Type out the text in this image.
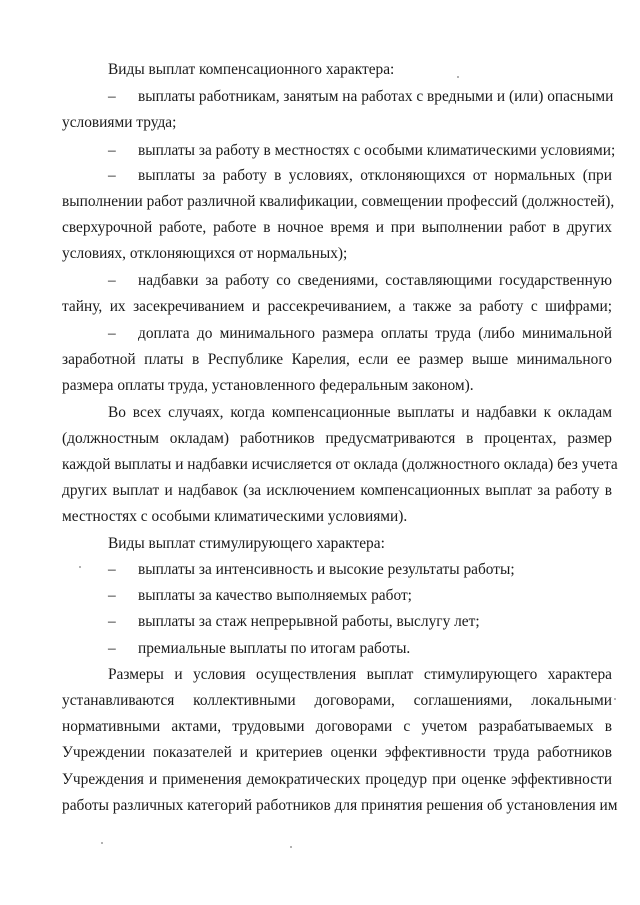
Виды выплат компенсационного характера:
– выплаты работникам, занятым на работах с вредными и (или) опасными
условиями труда;
– выплаты за работу в местностях с особыми климатическими условиями;
– выплаты за работу в условиях, отклоняющихся от нормальных (при
выполнении работ различной квалификации, совмещении профессий (должностей),
сверхурочной работе, работе в ночное время и при выполнении работ в других
условиях, отклоняющихся от нормальных);
– надбавки за работу со сведениями, составляющими государственную
тайну, их засекречиванием и рассекречиванием, а также за работу с шифрами;
– доплата до минимального размера оплаты труда (либо минимальной
заработной платы в Республике Карелия, если ее размер выше минимального
размера оплаты труда, установленного федеральным законом).
Во всех случаях, когда компенсационные выплаты и надбавки к окладам
(должностным окладам) работников предусматриваются в процентах, размер
каждой выплаты и надбавки исчисляется от оклада (должностного оклада) без учета
других выплат и надбавок (за исключением компенсационных выплат за работу в
местностях с особыми климатическими условиями).
Виды выплат стимулирующего характера:
– выплаты за интенсивность и высокие результаты работы;
– выплаты за качество выполняемых работ;
– выплаты за стаж непрерывной работы, выслугу лет;
– премиальные выплаты по итогам работы.
Размеры и условия осуществления выплат стимулирующего характера
устанавливаются коллективными договорами, соглашениями, локальными
нормативными актами, трудовыми договорами с учетом разрабатываемых в
Учреждении показателей и критериев оценки эффективности труда работников
Учреждения и применения демократических процедур при оценке эффективности
работы различных категорий работников для принятия решения об установления им
